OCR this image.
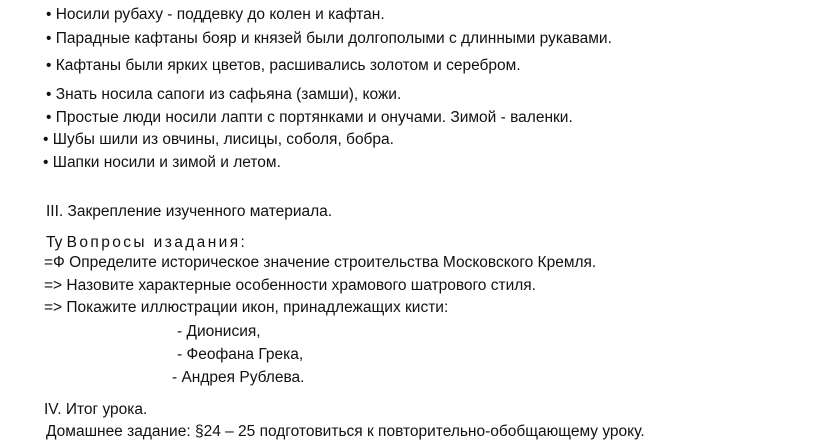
• Носили рубаху - поддевку до колен и кафтан.
• Парадные кафтаны бояр и князей были долгополыми с длинными рукавами.
• Кафтаны были ярких цветов, расшивались золотом и серебром.
• Знать носила сапоги из сафьяна (замши), кожи.
• Простые люди носили лапти с портянками и онучами. Зимой - валенки.
• Шубы шили из овчины, лисицы, соболя, бобра.
• Шапки носили и зимой и летом.
III. Закрепление изученного материала.
Ту Вопросы изадания:
=Ф Определите историческое значение строительства Московского Кремля.
=> Назовите характерные особенности храмового шатрового стиля.
=> Покажите иллюстрации икон, принадлежащих кисти:
- Дионисия,
- Феофана Грека,
- Андрея Рублева.
IV. Итог урока.
Домашнее задание: §24 – 25 подготовиться к повторительно-обобщающему уроку.
